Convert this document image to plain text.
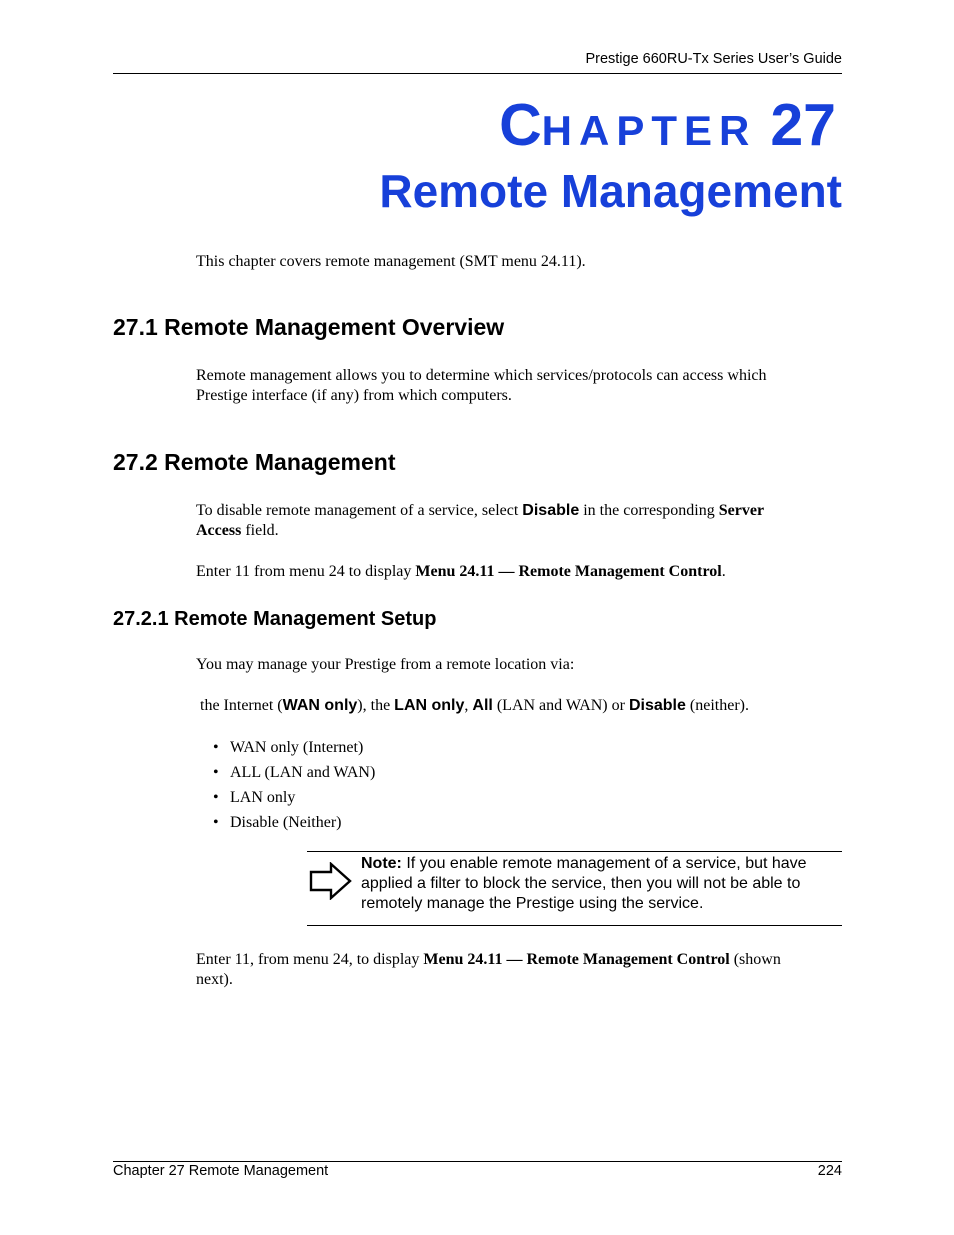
Prestige 660RU-Tx Series User’s Guide
CHAPTER 27
Remote Management
This chapter covers remote management (SMT menu 24.11).
27.1 Remote Management Overview
Remote management allows you to determine which services/protocols can access which
Prestige interface (if any) from which computers.
27.2 Remote Management
To disable remote management of a service, select Disable in the corresponding Server
Access field.
Enter 11 from menu 24 to display Menu 24.11 — Remote Management Control.
27.2.1 Remote Management Setup
You may manage your Prestige from a remote location via:
the Internet (WAN only), the LAN only, All (LAN and WAN) or Disable (neither).
• WAN only (Internet)
• ALL (LAN and WAN)
• LAN only
• Disable (Neither)
Note: If you enable remote management of a service, but have
applied a filter to block the service, then you will not be able to
remotely manage the Prestige using the service.
Enter 11, from menu 24, to display Menu 24.11 — Remote Management Control (shown
next).
Chapter 27 Remote Management	224
